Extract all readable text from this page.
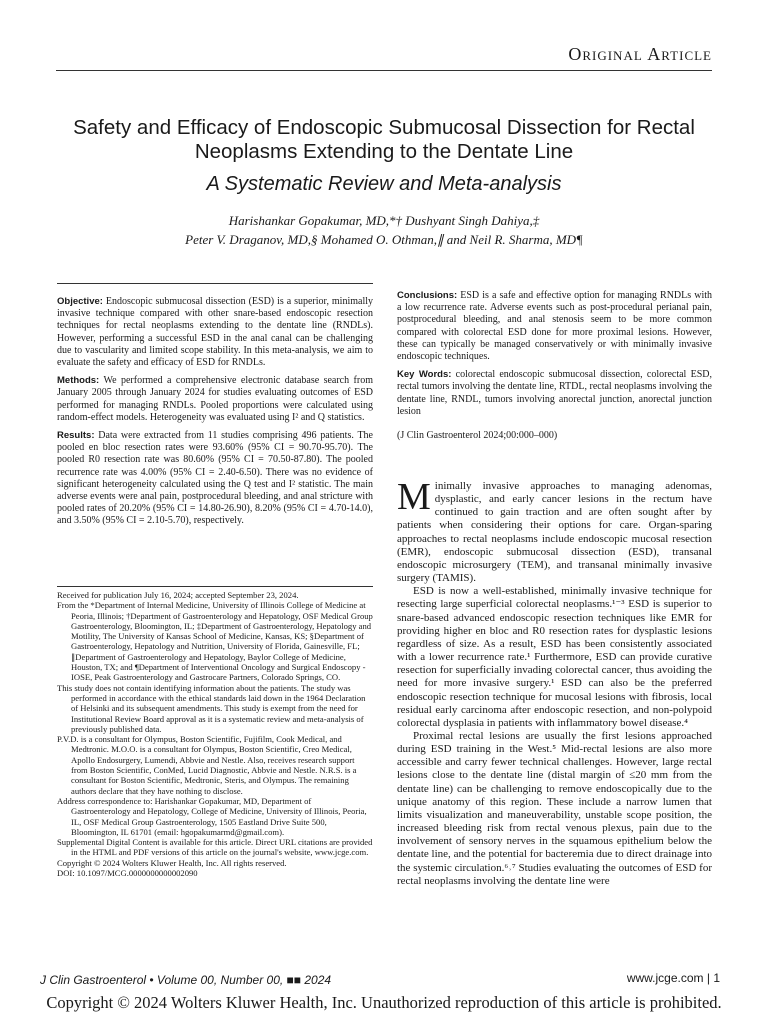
Original Article
Safety and Efficacy of Endoscopic Submucosal Dissection for Rectal Neoplasms Extending to the Dentate Line
A Systematic Review and Meta-analysis
Harishankar Gopakumar, MD,*† Dushyant Singh Dahiya,‡
Peter V. Draganov, MD,§ Mohamed O. Othman,∥ and Neil R. Sharma, MD¶

Objective: Endoscopic submucosal dissection (ESD) is a superior, minimally invasive technique compared with other snare-based endoscopic resection techniques for rectal neoplasms extending to the dentate line (RNDLs). However, performing a successful ESD in the anal canal can be challenging due to vascularity and limited scope stability. In this meta-analysis, we aim to evaluate the safety and efficacy of ESD for RNDLs.

Methods: We performed a comprehensive electronic database search from January 2005 through January 2024 for studies evaluating outcomes of ESD performed for managing RNDLs. Pooled proportions were calculated using random-effect models. Heterogeneity was evaluated using I² and Q statistics.

Results: Data were extracted from 11 studies comprising 496 patients. The pooled en bloc resection rates were 93.60% (95% CI = 90.70-95.70). The pooled R0 resection rate was 80.60% (95% CI = 70.50-87.80). The pooled recurrence rate was 4.00% (95% CI = 2.40-6.50). There was no evidence of significant heterogeneity calculated using the Q test and I² statistic. The main adverse events were anal pain, postprocedural bleeding, and anal stricture with pooled rates of 20.20% (95% CI = 14.80-26.90), 8.20% (95% CI = 4.70-14.0), and 3.50% (95% CI = 2.10-5.70), respectively.

Conclusions: ESD is a safe and effective option for managing RNDLs with a low recurrence rate. Adverse events such as post-procedural perianal pain, postprocedural bleeding, and anal stenosis seem to be more common compared with colorectal ESD done for more proximal lesions. However, these can typically be managed conservatively or with minimally invasive endoscopic techniques.

Key Words: colorectal endoscopic submucosal dissection, colorectal ESD, rectal tumors involving the dentate line, RTDL, rectal neoplasms involving the dentate line, RNDL, tumors involving anorectal junction, anorectal junction lesion

(J Clin Gastroenterol 2024;00:000–000)

Received for publication July 16, 2024; accepted September 23, 2024.

From the *Department of Internal Medicine, University of Illinois College of Medicine at Peoria, Illinois; †Department of Gastroenterology and Hepatology, OSF Medical Group Gastroenterology, Bloomington, IL; ‡Department of Gastroenterology, Hepatology and Motility, The University of Kansas School of Medicine, Kansas, KS; §Department of Gastroenterology, Hepatology and Nutrition, University of Florida, Gainesville, FL; ∥Department of Gastroenterology and Hepatology, Baylor College of Medicine, Houston, TX; and ¶Department of Interventional Oncology and Surgical Endoscopy - IOSE, Peak Gastroenterology and Gastrocare Partners, Colorado Springs, CO.

This study does not contain identifying information about the patients. The study was performed in accordance with the ethical standards laid down in the 1964 Declaration of Helsinki and its subsequent amendments. This study is exempt from the need for Institutional Review Board approval as it is a systematic review and meta-analysis of previously published data.

P.V.D. is a consultant for Olympus, Boston Scientific, Fujifilm, Cook Medical, and Medtronic. M.O.O. is a consultant for Olympus, Boston Scientific, Creo Medical, Apollo Endosurgery, Lumendi, Abbvie and Nestle. Also, receives research support from Boston Scientific, ConMed, Lucid Diagnostic, Abbvie and Nestle. N.R.S. is a consultant for Boston Scientific, Medtronic, Steris, and Olympus. The remaining authors declare that they have nothing to disclose.

Address correspondence to: Harishankar Gopakumar, MD, Department of Gastroenterology and Hepatology, College of Medicine, University of Illinois, Peoria, IL, OSF Medical Group Gastroenterology, 1505 Eastland Drive Suite 500, Bloomington, IL 61701 (email: hgopakumarmd@gmail.com).

Supplemental Digital Content is available for this article. Direct URL citations are provided in the HTML and PDF versions of this article on the journal's website, www.jcge.com.

Copyright © 2024 Wolters Kluwer Health, Inc. All rights reserved.

DOI: 10.1097/MCG.0000000000002090

Minimally invasive approaches to managing adenomas, dysplastic, and early cancer lesions in the rectum have continued to gain traction and are often sought after by patients when considering their options for care. Organ-sparing approaches to rectal neoplasms include endoscopic mucosal resection (EMR), endoscopic submucosal dissection (ESD), transanal endoscopic microsurgery (TEM), and transanal minimally invasive surgery (TAMIS).

ESD is now a well-established, minimally invasive technique for resecting large superficial colorectal neoplasms.¹⁻³ ESD is superior to snare-based advanced endoscopic resection techniques like EMR for providing higher en bloc and R0 resection rates for dysplastic lesions regardless of size. As a result, ESD has been consistently associated with a lower recurrence rate.¹ Furthermore, ESD can provide curative resection for superficially invading colorectal cancer, thus avoiding the need for more invasive surgery.¹ ESD can also be the preferred endoscopic resection technique for mucosal lesions with fibrosis, local residual early carcinoma after endoscopic resection, and non-polypoid colorectal dysplasia in patients with inflammatory bowel disease.⁴

Proximal rectal lesions are usually the first lesions approached during ESD training in the West.⁵ Mid-rectal lesions are also more accessible and carry fewer technical challenges. However, large rectal lesions close to the dentate line (distal margin of ≤20 mm from the dentate line) can be challenging to remove endoscopically due to the unique anatomy of this region. These include a narrow lumen that limits visualization and maneuverability, unstable scope position, the increased bleeding risk from rectal venous plexus, pain due to the involvement of sensory nerves in the squamous epithelium below the dentate line, and the potential for bacteremia due to direct drainage into the systemic circulation.⁶˒⁷ Studies evaluating the outcomes of ESD for rectal neoplasms involving the dentate line were

J Clin Gastroenterol • Volume 00, Number 00, ■■ 2024	www.jcge.com | 1
Copyright © 2024 Wolters Kluwer Health, Inc. Unauthorized reproduction of this article is prohibited.
